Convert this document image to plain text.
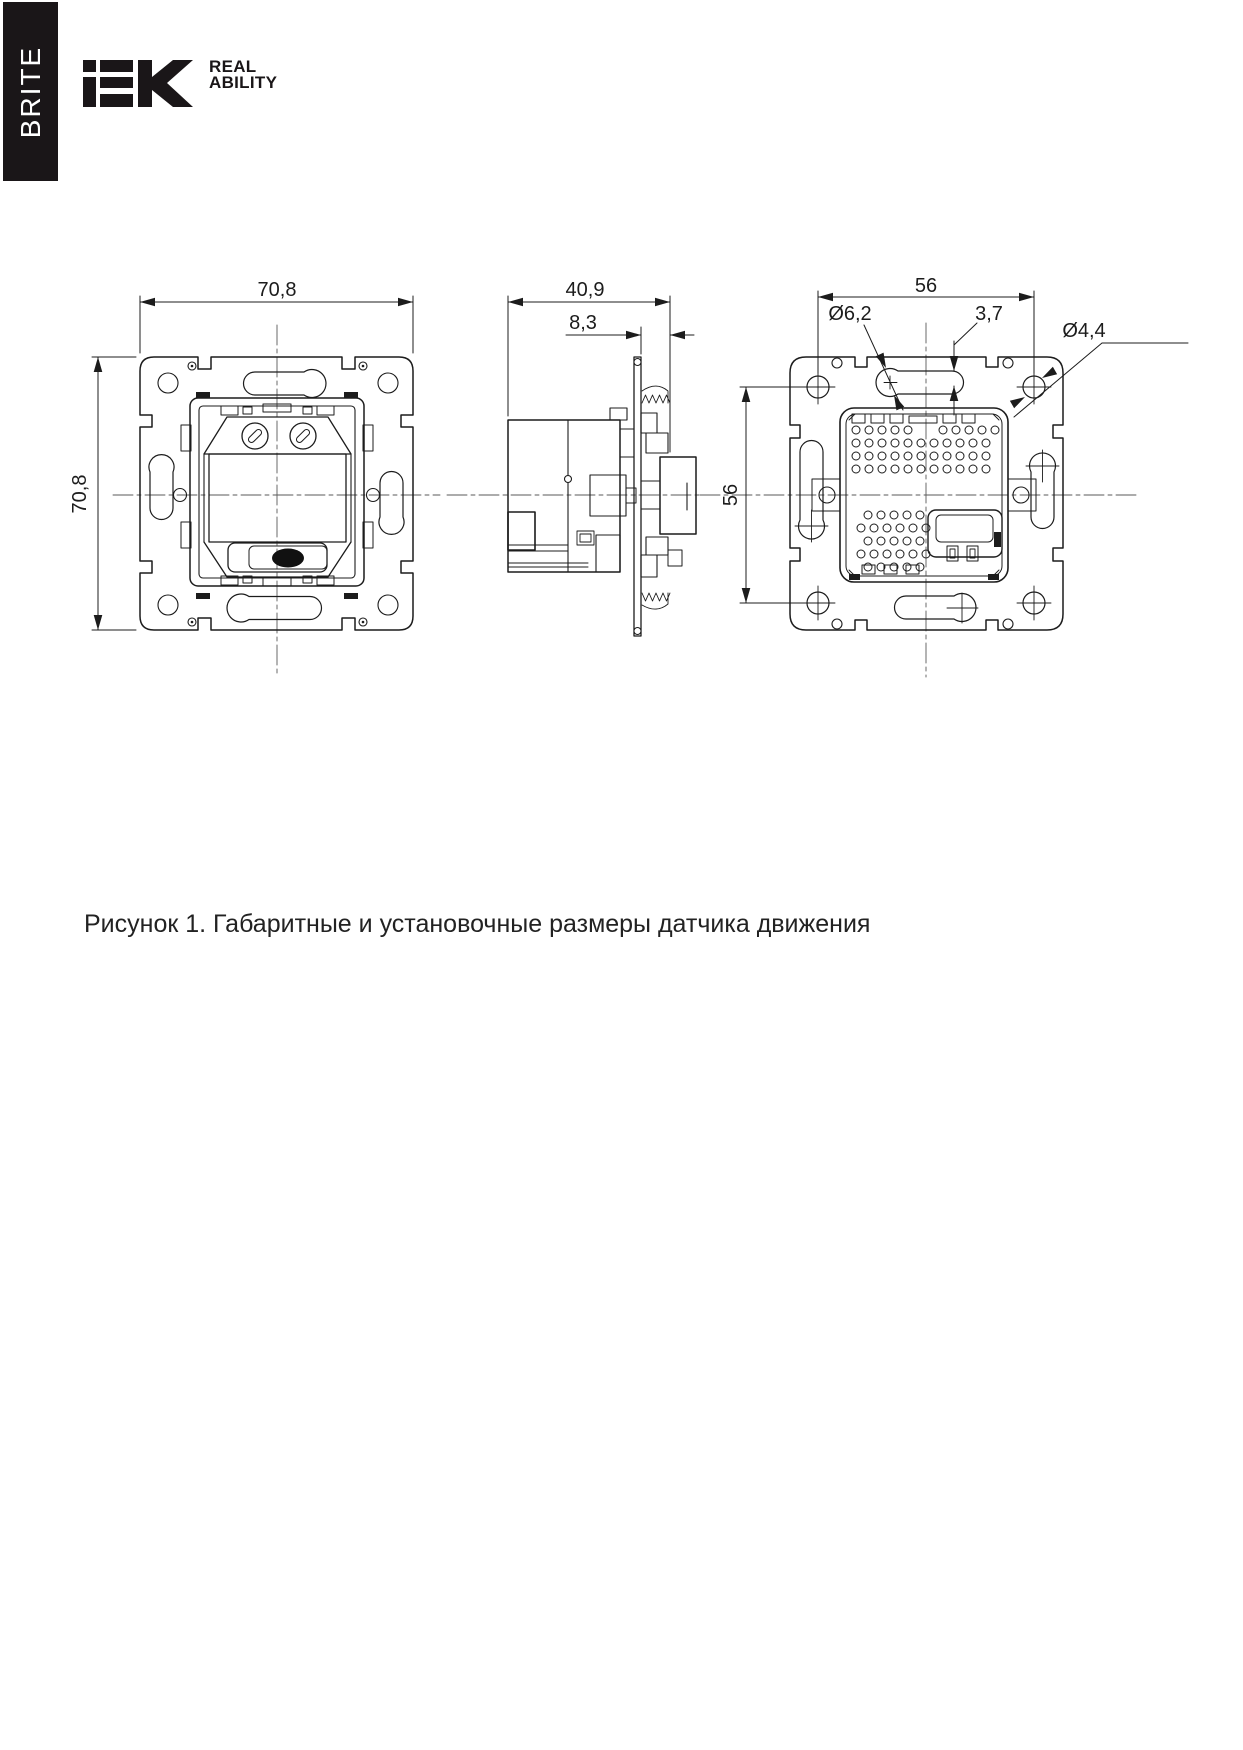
BRITE	REAL
ABILITY
70,8
70,8
40,9
8,3
56
56
Ø6,2	3,7
Ø4,4
Рисунок 1. Габаритные и установочные размеры датчика движения
